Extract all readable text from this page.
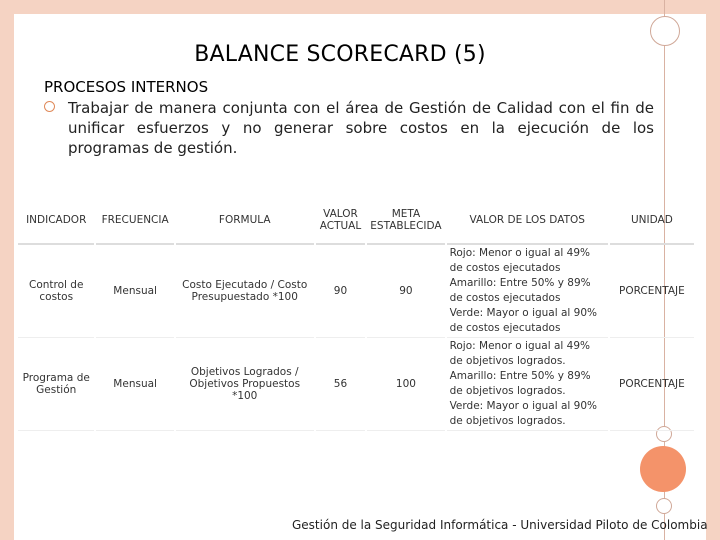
BALANCE SCORECARD (5)
PROCESOS INTERNOS
Trabajar de manera conjunta con el área de Gestión de Calidad con el fin de unificar esfuerzos y no generar sobre costos en la ejecución de los programas de gestión.
INDICADOR	FRECUENCIA	FORMULA	VALOR ACTUAL	META ESTABLECIDA	VALOR DE LOS DATOS	UNIDAD
Control de costos	Mensual	Costo Ejecutado / Costo Presupuestado *100	90	90	Rojo: Menor o igual al 49% de costos ejecutados
Amarillo: Entre 50% y 89% de costos ejecutados
Verde: Mayor o igual al 90% de costos ejecutados	PORCENTAJE
Programa de Gestión	Mensual	Objetivos Logrados / Objetivos Propuestos *100	56	100	Rojo: Menor o igual al 49% de objetivos logrados.
Amarillo: Entre 50% y 89% de objetivos logrados.
Verde: Mayor o igual al 90% de objetivos logrados.	PORCENTAJE
Gestión de la Seguridad Informática - Universidad Piloto de Colombia
